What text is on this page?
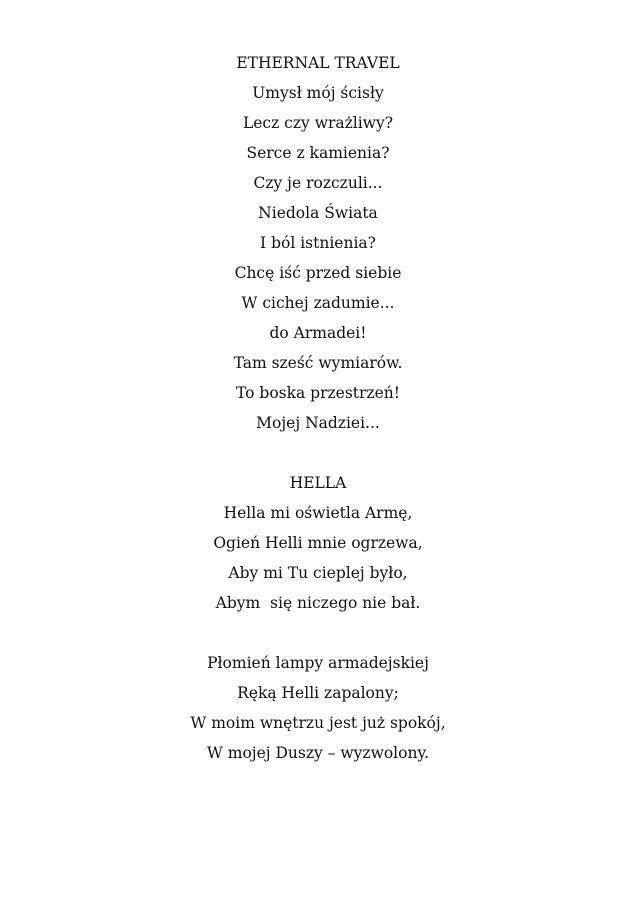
ETHERNAL TRAVEL
Umysł mój ścisły
Lecz czy wrażliwy?
Serce z kamienia?
Czy je rozczuli...
Niedola Świata
I ból istnienia?
Chcę iść przed siebie
W cichej zadumie...
do Armadei!
Tam sześć wymiarów.
To boska przestrzeń!
Mojej Nadziei...
HELLA
Hella mi oświetla Armę,
Ogień Helli mnie ogrzewa,
Aby mi Tu cieplej było,
Abym  się niczego nie bał.
Płomień lampy armadejskiej
Ręką Helli zapalony;
W moim wnętrzu jest już spokój,
W mojej Duszy – wyzwolony.
